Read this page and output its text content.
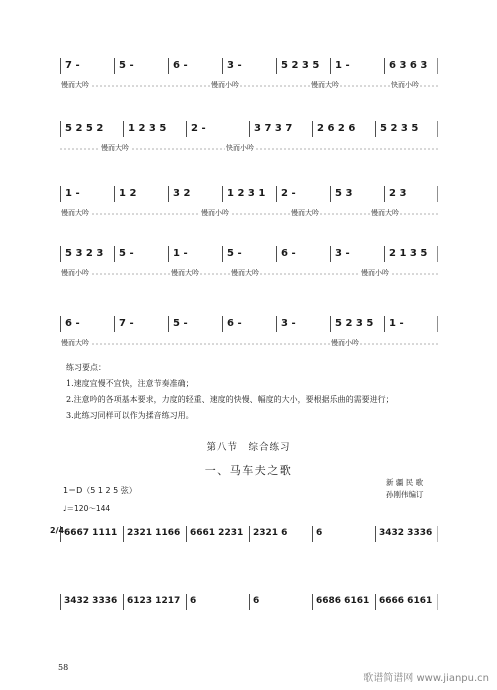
7 -	5 -	6 -	3 -	5 2 3 5 1 -	6 3 6 3
慢而大吟	慢而小吟	慢而大吟	快而小吟
5 2 5 2 1 2 3 5 2 -	3 7 3 7 2 6 2 6 5 2 3 5
慢而大吟	快而小吟
1 -	1 2	3 2	1 2 3 1 2 -	5 3	2 3
慢而大吟	慢而小吟	慢而大吟	慢而大吟
5 3 2 3 5 -	1 -	5 -	6 -	3 -	2 1 3 5
慢而小吟	慢而大吟	慢而大吟	慢而小吟
6 -	7 -	5 -	6 -	3 -	5 2 3 5 1 -
慢而大吟	慢而小吟
练习要点：
1.速度宜慢不宜快，注意节奏准确；
2.注意吟的各项基本要求，力度的轻重、速度的快慢、幅度的大小，要根据乐曲的需要进行；
3.此练习同样可以作为揉音练习用。
第八节　综合练习
一、马车夫之歌
新 疆 民 歌
孙刚伟编订
1＝D（5 1 2 5 弦）
♩＝120～144
6667 1111 2321 1166 6661 2231 2321 6	6	3432 3336
2/4
3432 3336 6123 1217 6	6	6686 6161 6666 6161
58
歌谱简谱网 www.jianpu.cn
